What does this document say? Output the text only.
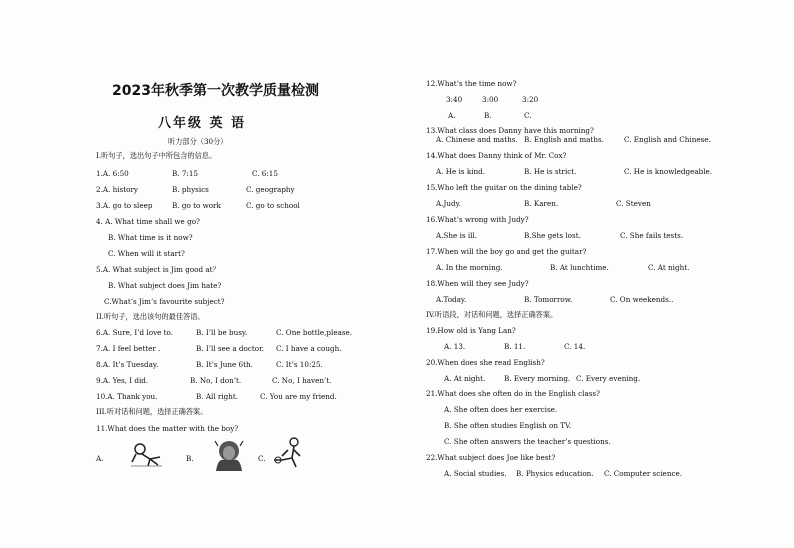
2023年秋季第一次教学质量检测
八年级 英 语
听力部分（30分）
I.听句子，选出句子中所包含的信息。
1.A. 6:50	B. 7:15	C. 6:15
2.A. history	B. physics	C. geography
3.A. go to sleep	B. go to work	C. go to school
4. A. What time shall we go?
B. What time is it now?
C. When will it start?
5.A. What subject is Jim good at？
B. What subject does Jim hate?
C.What’s Jim’s favourite subject?
II.听句子，选出该句的最佳答语。
6.A. Sure, I’d love to.	B. I’ll be busy.	C. One bottle,please.
7.A. I feel better .	B. I’ll see a doctor. C. I have a cough.
8.A. It’s Tuesday.	B. It’s June 6th.	C. It’s 10:25.
9.A. Yes, I did.	B. No, I don’t.	C. No, I haven’t.
10.A. Thank you.	B. All right.	C. You are my friend.
III.听对话和问题，选择正确答案。
11.What does the matter with the boy?
A.	B.	C.
12.What’s the time now?
3:40	3:00	3:20
A.	B.	C.
13.What class does Danny have this morning?
A. Chinese and maths. B. English and maths.	C. English and Chinese.
14.What does Danny think of Mr. Cox?
A. He is kind.	B. He is strict.	C. He is knowledgeable.
15.Who left the guitar on the dining table?
A.Judy.	B. Karen.	C. Steven
16.What’s wrong with Judy?
A.She is ill.	B.She gets lost.	C. She fails tests.
17.When will the boy go and get the guitar?
A. In the morning.	B. At lunchtime.	C. At night.
18.When will they see Judy?
A.Today.	B. Tomorrow.	C. On weekends..
IV.听语段，对话和问题，选择正确答案。
19.How old is Yang Lan?
A. 13.	B. 11.	C. 14.
20.When does she read English?
A. At night.	B. Every morning. C. Every evening.
21.What does she often do in the English class?
A. She often does her exercise.
B. She often studies English on TV.
C. She often answers the teacher’s questions.
22.What subject does Joe like best?
A. Social studies. B. Physics education. C. Computer science.
